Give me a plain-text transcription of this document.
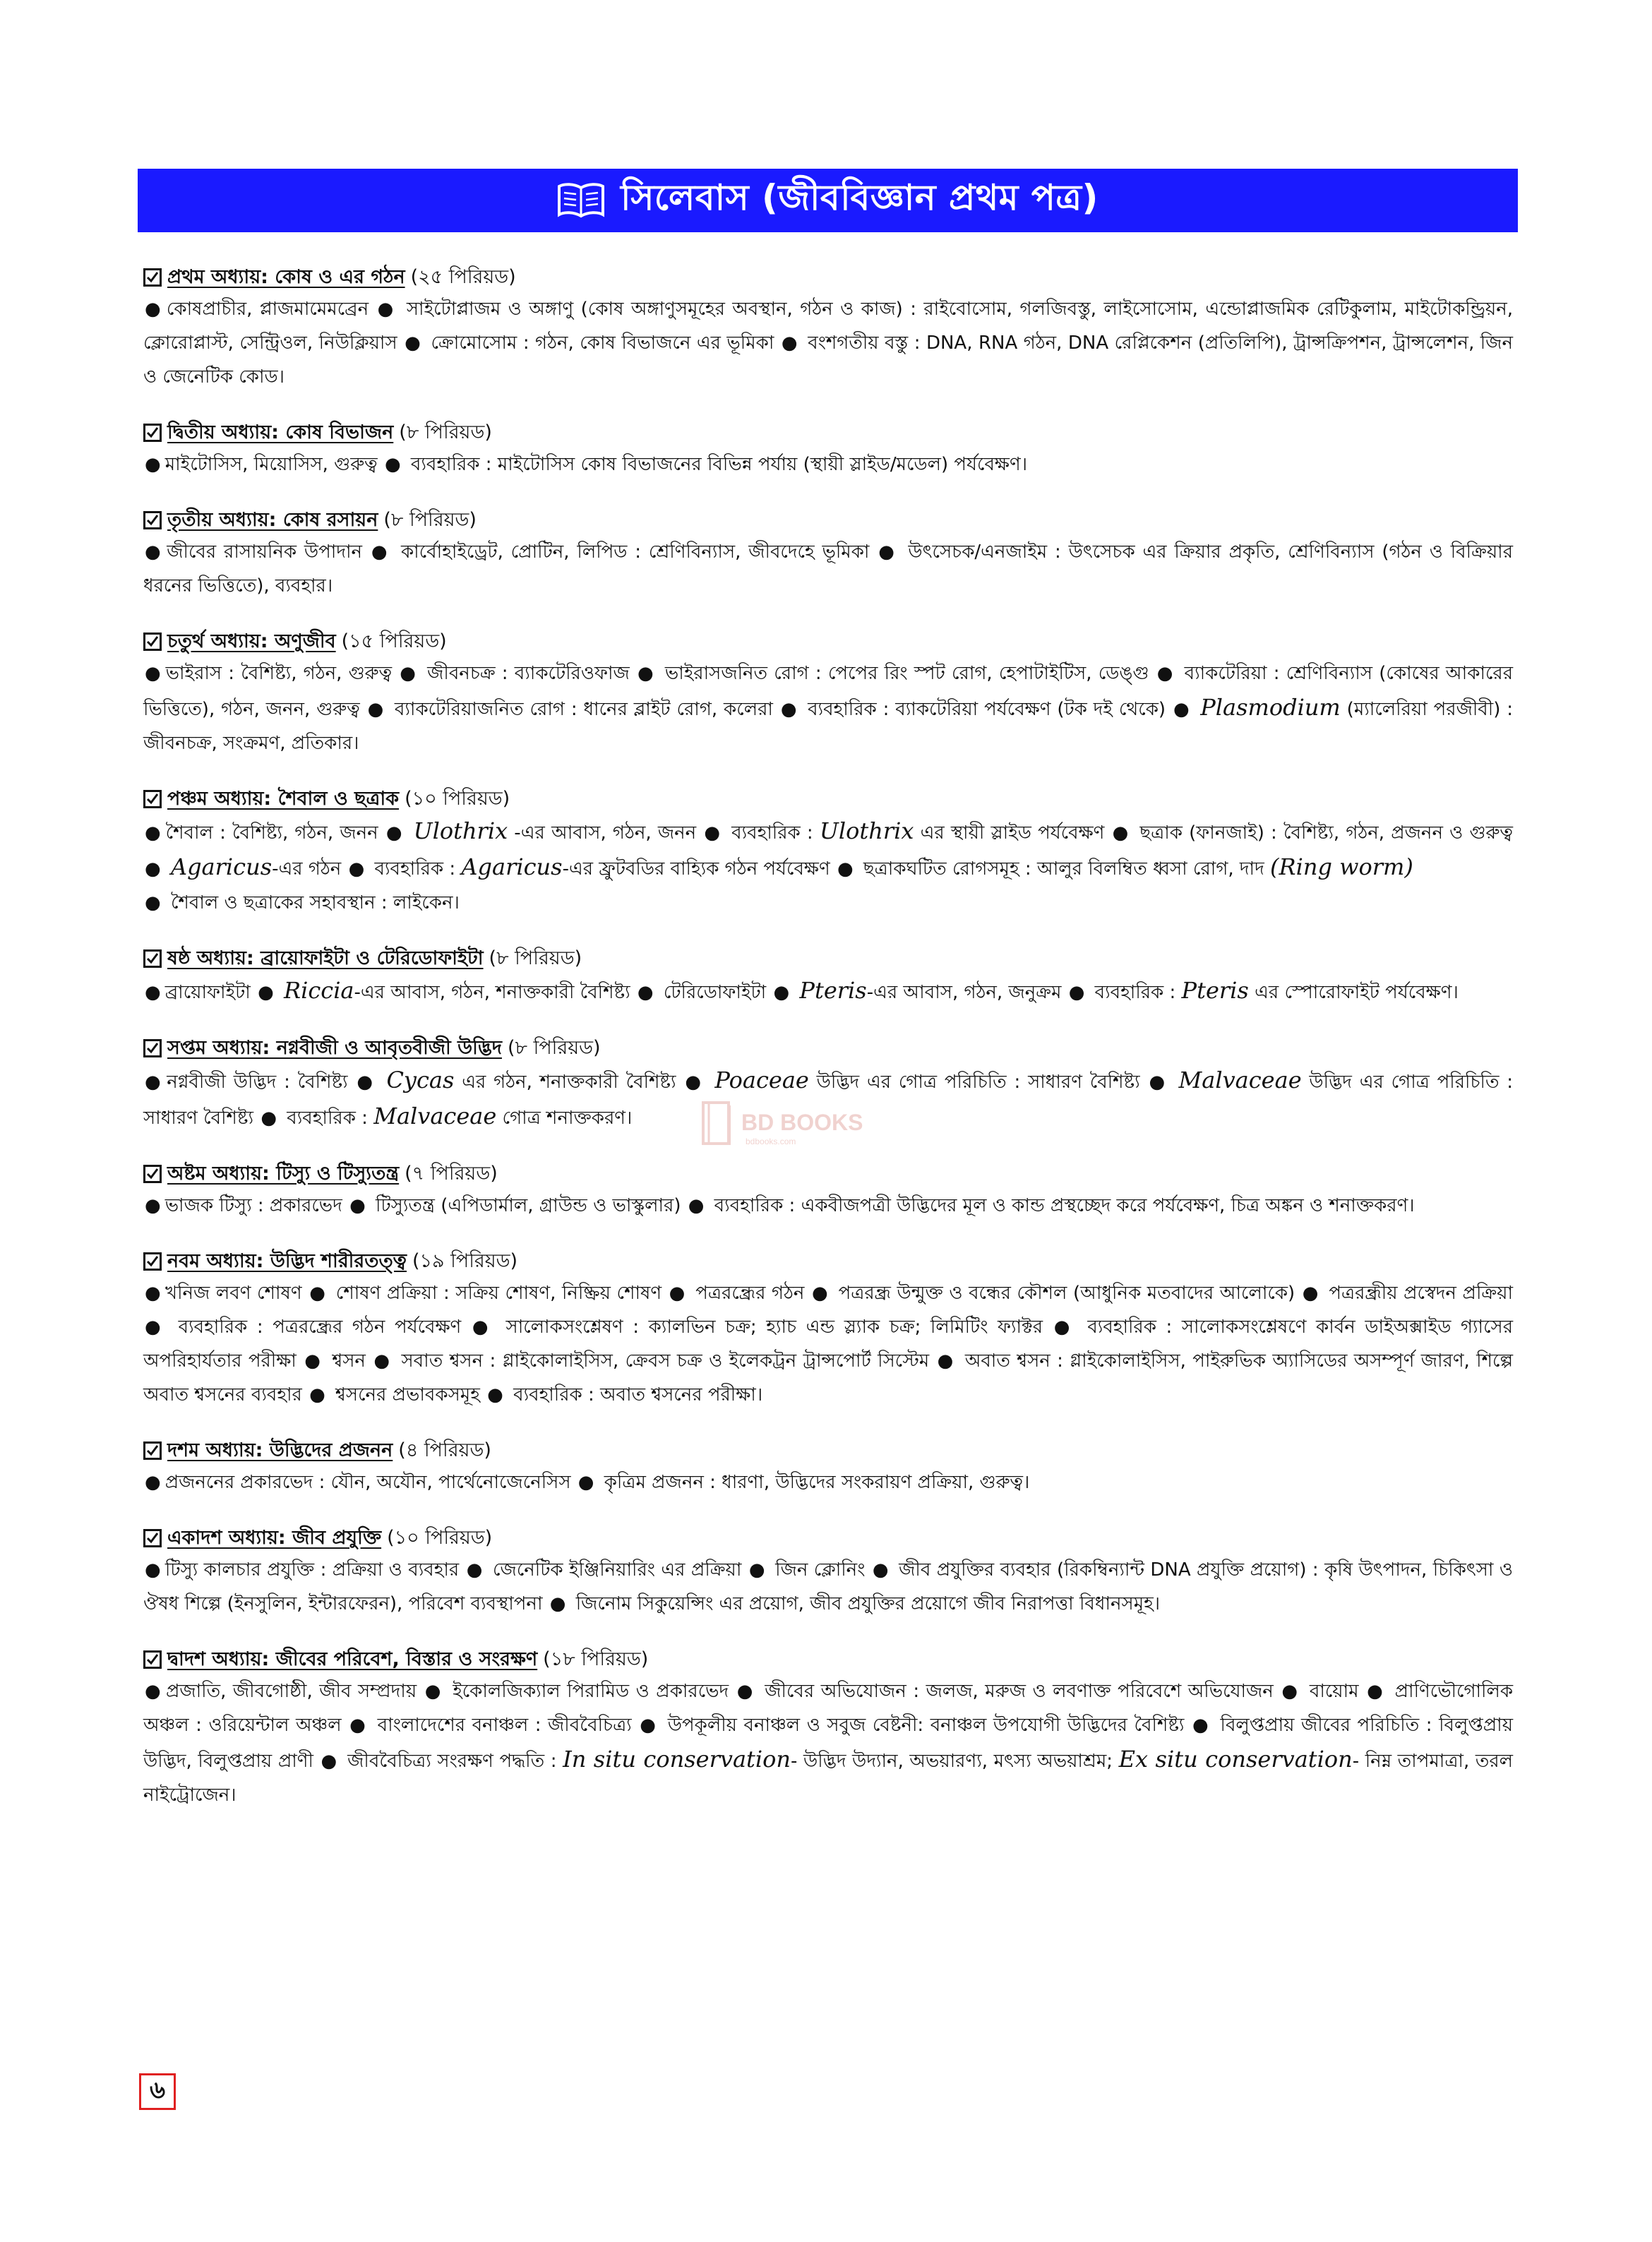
সিলেবাস (জীববিজ্ঞান প্রথম পত্র)
BD BOOKS
bdbooks.com
প্রথম অধ্যায়: কোষ ও এর গঠন (২৫ পিরিয়ড)
● কোষপ্রাচীর, প্লাজমামেমব্রেন ● সাইটোপ্লাজম ও অঙ্গাণু (কোষ অঙ্গাণুসমূহের অবস্থান, গঠন ও কাজ) : রাইবোসোম, গলজিবস্তু, লাইসোসোম, এন্ডোপ্লাজমিক রেটিকুলাম, মাইটোকন্ড্রিয়ন, ক্লোরোপ্লাস্ট, সেন্ট্রিওল, নিউক্লিয়াস ● ক্রোমোসোম : গঠন, কোষ বিভাজনে এর ভূমিকা ● বংশগতীয় বস্তু : DNA, RNA গঠন, DNA রেপ্লিকেশন (প্রতিলিপি), ট্রান্সক্রিপশন, ট্রান্সলেশন, জিন ও জেনেটিক কোড।
দ্বিতীয় অধ্যায়: কোষ বিভাজন (৮ পিরিয়ড)
● মাইটোসিস, মিয়োসিস, গুরুত্ব ● ব্যবহারিক : মাইটোসিস কোষ বিভাজনের বিভিন্ন পর্যায় (স্থায়ী স্লাইড/মডেল) পর্যবেক্ষণ।
তৃতীয় অধ্যায়: কোষ রসায়ন (৮ পিরিয়ড)
● জীবের রাসায়নিক উপাদান ● কার্বোহাইড্রেট, প্রোটিন, লিপিড : শ্রেণিবিন্যাস, জীবদেহে ভূমিকা ● উৎসেচক/এনজাইম : উৎসেচক এর ক্রিয়ার প্রকৃতি, শ্রেণিবিন্যাস (গঠন ও বিক্রিয়ার ধরনের ভিত্তিতে), ব্যবহার।
চতুর্থ অধ্যায়: অণুজীব (১৫ পিরিয়ড)
● ভাইরাস : বৈশিষ্ট্য, গঠন, গুরুত্ব ● জীবনচক্র : ব্যাকটেরিওফাজ ● ভাইরাসজনিত রোগ : পেপের রিং স্পট রোগ, হেপাটাইটিস, ডেঙ্গু ● ব্যাকটেরিয়া : শ্রেণিবিন্যাস (কোষের আকারের ভিত্তিতে), গঠন, জনন, গুরুত্ব ● ব্যাকটেরিয়াজনিত রোগ : ধানের ব্লাইট রোগ, কলেরা ● ব্যবহারিক : ব্যাকটেরিয়া পর্যবেক্ষণ (টক দই থেকে) ● Plasmodium (ম্যালেরিয়া পরজীবী) : জীবনচক্র, সংক্রমণ, প্রতিকার।
পঞ্চম অধ্যায়: শৈবাল ও ছত্রাক (১০ পিরিয়ড)
● শৈবাল : বৈশিষ্ট্য, গঠন, জনন ● Ulothrix -এর আবাস, গঠন, জনন ● ব্যবহারিক : Ulothrix এর স্থায়ী স্লাইড পর্যবেক্ষণ ● ছত্রাক (ফানজাই) : বৈশিষ্ট্য, গঠন, প্রজনন ও গুরুত্ব ● Agaricus-এর গঠন ● ব্যবহারিক : Agaricus-এর ফ্রুটবডির বাহ্যিক গঠন পর্যবেক্ষণ ● ছত্রাকঘটিত রোগসমূহ : আলুর বিলম্বিত ধ্বসা রোগ, দাদ (Ring worm)
● শৈবাল ও ছত্রাকের সহাবস্থান : লাইকেন।
ষষ্ঠ অধ্যায়: ব্রায়োফাইটা ও টেরিডোফাইটা (৮ পিরিয়ড)
● ব্রায়োফাইটা ● Riccia-এর আবাস, গঠন, শনাক্তকারী বৈশিষ্ট্য ● টেরিডোফাইটা ● Pteris-এর আবাস, গঠন, জনুক্রম ● ব্যবহারিক : Pteris এর স্পোরোফাইট পর্যবেক্ষণ।
সপ্তম অধ্যায়: নগ্নবীজী ও আবৃতবীজী উদ্ভিদ (৮ পিরিয়ড)
● নগ্নবীজী উদ্ভিদ : বৈশিষ্ট্য ● Cycas এর গঠন, শনাক্তকারী বৈশিষ্ট্য ● Poaceae উদ্ভিদ এর গোত্র পরিচিতি : সাধারণ বৈশিষ্ট্য ● Malvaceae উদ্ভিদ এর গোত্র পরিচিতি : সাধারণ বৈশিষ্ট্য ● ব্যবহারিক : Malvaceae গোত্র শনাক্তকরণ।
অষ্টম অধ্যায়: টিস্যু ও টিস্যুতন্ত্র (৭ পিরিয়ড)
● ভাজক টিস্যু : প্রকারভেদ ● টিস্যুতন্ত্র (এপিডার্মাল, গ্রাউন্ড ও ভাস্কুলার) ● ব্যবহারিক : একবীজপত্রী উদ্ভিদের মূল ও কান্ড প্রস্থচ্ছেদ করে পর্যবেক্ষণ, চিত্র অঙ্কন ও শনাক্তকরণ।
নবম অধ্যায়: উদ্ভিদ শারীরতত্ত্ব (১৯ পিরিয়ড)
● খনিজ লবণ শোষণ ● শোষণ প্রক্রিয়া : সক্রিয় শোষণ, নিষ্ক্রিয় শোষণ ● পত্ররন্ধ্রের গঠন ● পত্ররন্ধ্র উন্মুক্ত ও বন্ধের কৌশল (আধুনিক মতবাদের আলোকে) ● পত্ররন্ধ্রীয় প্রস্বেদন প্রক্রিয়া ● ব্যবহারিক : পত্ররন্ধ্রের গঠন পর্যবেক্ষণ ● সালোকসংশ্লেষণ : ক্যালভিন চক্র; হ্যাচ এন্ড স্ল্যাক চক্র; লিমিটিং ফ্যাক্টর ● ব্যবহারিক : সালোকসংশ্লেষণে কার্বন ডাইঅক্সাইড গ্যাসের অপরিহার্যতার পরীক্ষা ● শ্বসন ● সবাত শ্বসন : গ্লাইকোলাইসিস, ক্রেবস চক্র ও ইলেকট্রন ট্রান্সপোর্ট সিস্টেম ● অবাত শ্বসন : গ্লাইকোলাইসিস, পাইরুভিক অ্যাসিডের অসম্পূর্ণ জারণ, শিল্পে অবাত শ্বসনের ব্যবহার ● শ্বসনের প্রভাবকসমূহ ● ব্যবহারিক : অবাত শ্বসনের পরীক্ষা।
দশম অধ্যায়: উদ্ভিদের প্রজনন (৪ পিরিয়ড)
● প্রজননের প্রকারভেদ : যৌন, অযৌন, পার্থেনোজেনেসিস ● কৃত্রিম প্রজনন : ধারণা, উদ্ভিদের সংকরায়ণ প্রক্রিয়া, গুরুত্ব।
একাদশ অধ্যায়: জীব প্রযুক্তি (১০ পিরিয়ড)
● টিস্যু কালচার প্রযুক্তি : প্রক্রিয়া ও ব্যবহার ● জেনেটিক ইঞ্জিনিয়ারিং এর প্রক্রিয়া ● জিন ক্লোনিং ● জীব প্রযুক্তির ব্যবহার (রিকম্বিন্যান্ট DNA প্রযুক্তি প্রয়োগ) : কৃষি উৎপাদন, চিকিৎসা ও ঔষধ শিল্পে (ইনসুলিন, ইন্টারফেরন), পরিবেশ ব্যবস্থাপনা ● জিনোম সিকুয়েন্সিং এর প্রয়োগ, জীব প্রযুক্তির প্রয়োগে জীব নিরাপত্তা বিধানসমূহ।
দ্বাদশ অধ্যায়: জীবের পরিবেশ, বিস্তার ও সংরক্ষণ (১৮ পিরিয়ড)
● প্রজাতি, জীবগোষ্ঠী, জীব সম্প্রদায় ● ইকোলজিক্যাল পিরামিড ও প্রকারভেদ ● জীবের অভিযোজন : জলজ, মরুজ ও লবণাক্ত পরিবেশে অভিযোজন ● বায়োম ● প্রাণিভৌগোলিক অঞ্চল : ওরিয়েন্টাল অঞ্চল ● বাংলাদেশের বনাঞ্চল : জীববৈচিত্র্য ● উপকূলীয় বনাঞ্চল ও সবুজ বেষ্টনী: বনাঞ্চল উপযোগী উদ্ভিদের বৈশিষ্ট্য ● বিলুপ্তপ্রায় জীবের পরিচিতি : বিলুপ্তপ্রায় উদ্ভিদ, বিলুপ্তপ্রায় প্রাণী ● জীববৈচিত্র্য সংরক্ষণ পদ্ধতি : In situ conservation- উদ্ভিদ উদ্যান, অভয়ারণ্য, মৎস্য অভয়াশ্রম; Ex situ conservation- নিম্ন তাপমাত্রা, তরল নাইট্রোজেন।
৬
